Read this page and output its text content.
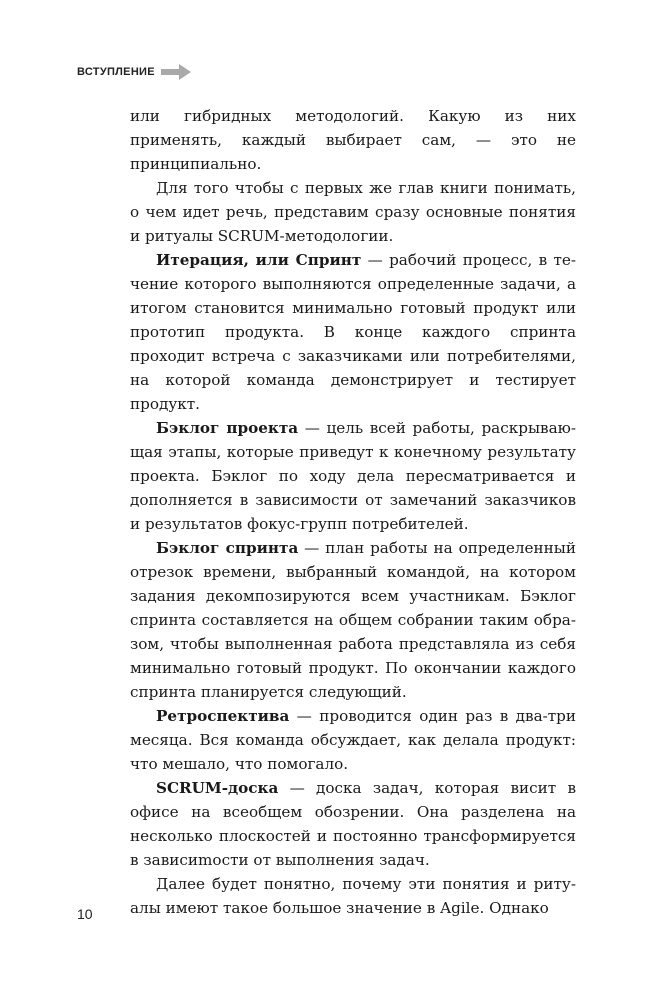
ВСТУПЛЕНИЕ

или гибридных методологий. Какую из них применять, каждый выбирает сам, — это не принципиально.

Для того чтобы с первых же глав книги понимать, о чем идет речь, представим сразу основные понятия и ритуалы SCRUM-методологии.

Итерация, или Спринт — рабочий процесс, в течение которого выполняются определенные задачи, а итогом становится минимально готовый продукт или прототип продукта. В конце каждого спринта проходит встреча с заказчиками или потребителями, на которой команда демонстрирует и тестирует продукт.

Бэклог проекта — цель всей работы, раскрывающая этапы, которые приведут к конечному результату проекта. Бэклог по ходу дела пересматривается и дополняется в зависимости от замечаний заказчиков и результатов фокус-групп потребителей.

Бэклог спринта — план работы на определенный отрезок времени, выбранный командой, на котором задания декомпозируются всем участникам. Бэклог спринта составляется на общем собрании таким образом, чтобы выполненная работа представляла из себя минимально готовый продукт. По окончании каждого спринта планируется следующий.

Ретроспектива — проводится один раз в два-три месяца. Вся команда обсуждает, как делала продукт: что мешало, что помогало.

SCRUM-доска — доска задач, которая висит в офисе на всеобщем обозрении. Она разделена на несколько плоскостей и постоянно трансформируется в зависиmости от выполнения задач.

Далее будет понятно, почему эти понятия и ритуалы имеют такое большое значение в Agile. Однако

10
